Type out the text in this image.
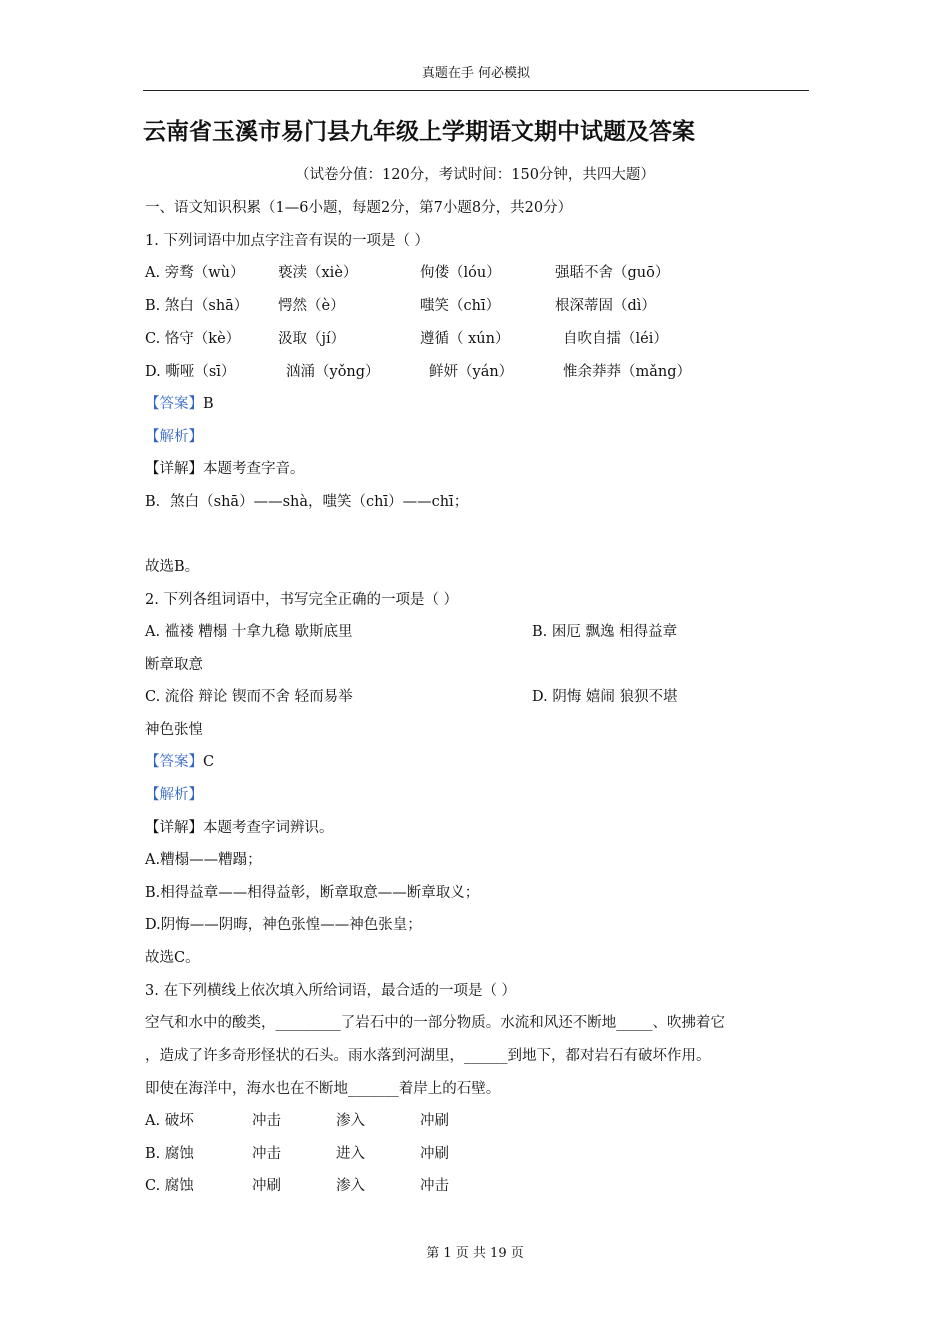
真题在手 何必模拟
云南省玉溪市易门县九年级上学期语文期中试题及答案
（试卷分值：120分，考试时间：150分钟，共四大题）
一、语文知识积累（1—6小题，每题2分，第7小题8分，共20分）
1. 下列词语中加点字注音有误的一项是（ ）
A. 旁骛（wù） 亵渎（xiè）	佝偻（lóu）	强聒不舍（guō）
B. 煞白（shā） 愕然（è）	嗤笑（chī）	根深蒂固（dì）
C. 恪守（kè）	汲取（jí）	遵循（ xún）	自吹自擂（léi）
D. 嘶哑（sī）	汹涌（yǒng）	鲜妍（yán）	惟余莽莽（mǎng）
【答案】B
【解析】
【详解】本题考查字音。
B．煞白（shā）——shà，嗤笑（chī）——chī；
故选B。
2. 下列各组词语中，书写完全正确的一项是（ ）
A. 褴褛 糟榻 十拿九稳 歇斯底里	B. 困厄 飘逸 相得益章
断章取意
C. 流俗 辩论 锲而不舍 轻而易举	D. 阴悔 嬉闹 狼狈不堪
神色张惶
【答案】C
【解析】
【详解】本题考查字词辨识。
A.糟榻——糟蹋；
B.相得益章——相得益彰，断章取意——断章取义；
D.阴悔——阴晦，神色张惶——神色张皇；
故选C。
3. 在下列横线上依次填入所给词语，最合适的一项是（ ）
空气和水中的酸类，_________了岩石中的一部分物质。水流和风还不断地_____、吹拂着它
，造成了许多奇形怪状的石头。雨水落到河湖里，______到地下，都对岩石有破坏作用。
即使在海洋中，海水也在不断地_______着岸上的石壁。
A. 破坏	冲击	渗入	冲刷
B. 腐蚀	冲击	进入	冲刷
C. 腐蚀	冲刷	渗入	冲击
第 1 页 共 19 页
